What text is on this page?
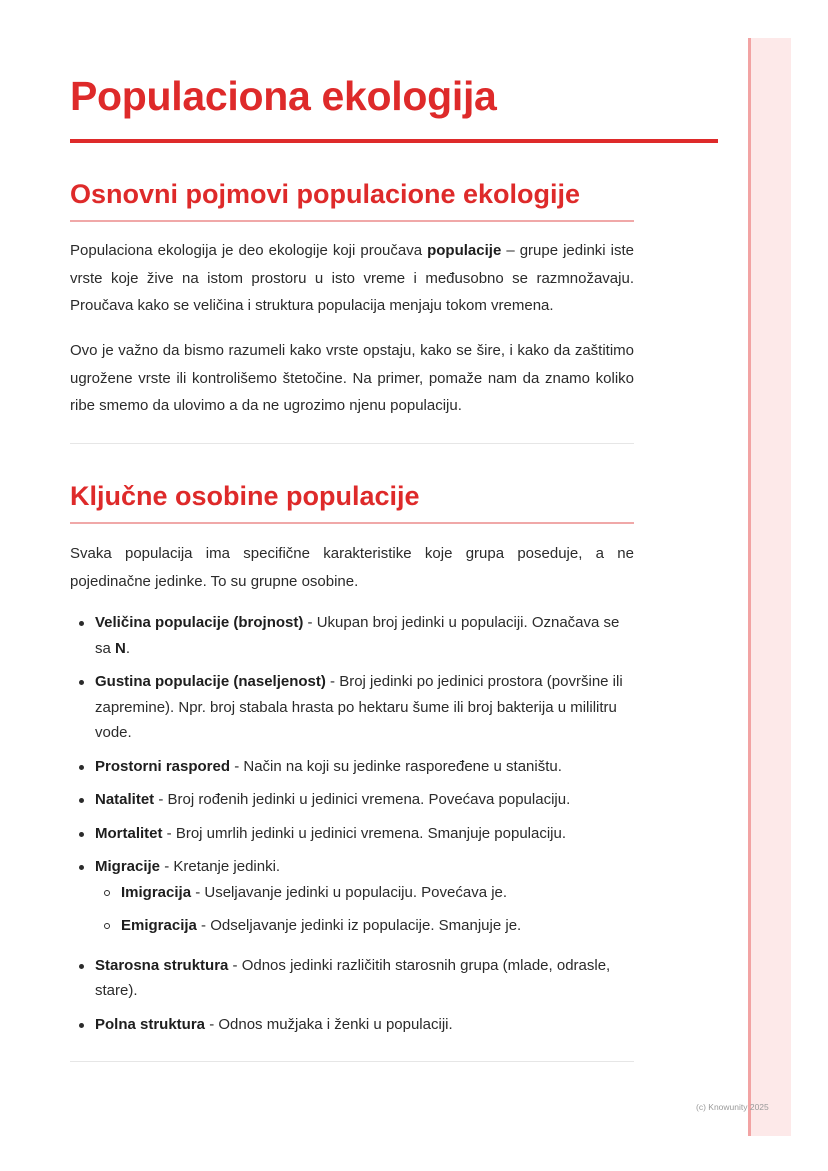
Populaciona ekologija
Osnovni pojmovi populacione ekologije

Populaciona ekologija je deo ekologije koji proučava populacije – grupe jedinki iste vrste koje žive na istom prostoru u isto vreme i međusobno se razmnožavaju. Proučava kako se veličina i struktura populacija menjaju tokom vremena.

Ovo je važno da bismo razumeli kako vrste opstaju, kako se šire, i kako da zaštitimo ugrožene vrste ili kontrolišemo štetočine. Na primer, pomaže nam da znamo koliko ribe smemo da ulovimo a da ne ugrozimo njenu populaciju.

Ključne osobine populacije

Svaka populacija ima specifične karakteristike koje grupa poseduje, a ne pojedinačne jedinke. To su grupne osobine.

Veličina populacije (brojnost) - Ukupan broj jedinki u populaciji. Označava se sa N.
Gustina populacije (naseljenost) - Broj jedinki po jedinici prostora (površine ili zapremine). Npr. broj stabala hrasta po hektaru šume ili broj bakterija u mililitru vode.
Prostorni raspored - Način na koji su jedinke raspoređene u staništu.
Natalitet - Broj rođenih jedinki u jedinici vremena. Povećava populaciju.
Mortalitet - Broj umrlih jedinki u jedinici vremena. Smanjuje populaciju.
Migracije - Kretanje jedinki.
Imigracija - Useljavanje jedinki u populaciju. Povećava je.
Emigracija - Odseljavanje jedinki iz populacije. Smanjuje je.
Starosna struktura - Odnos jedinki različitih starosnih grupa (mlade, odrasle, stare).
Polna struktura - Odnos mužjaka i ženki u populaciji.
(c) Knowunity 2025
